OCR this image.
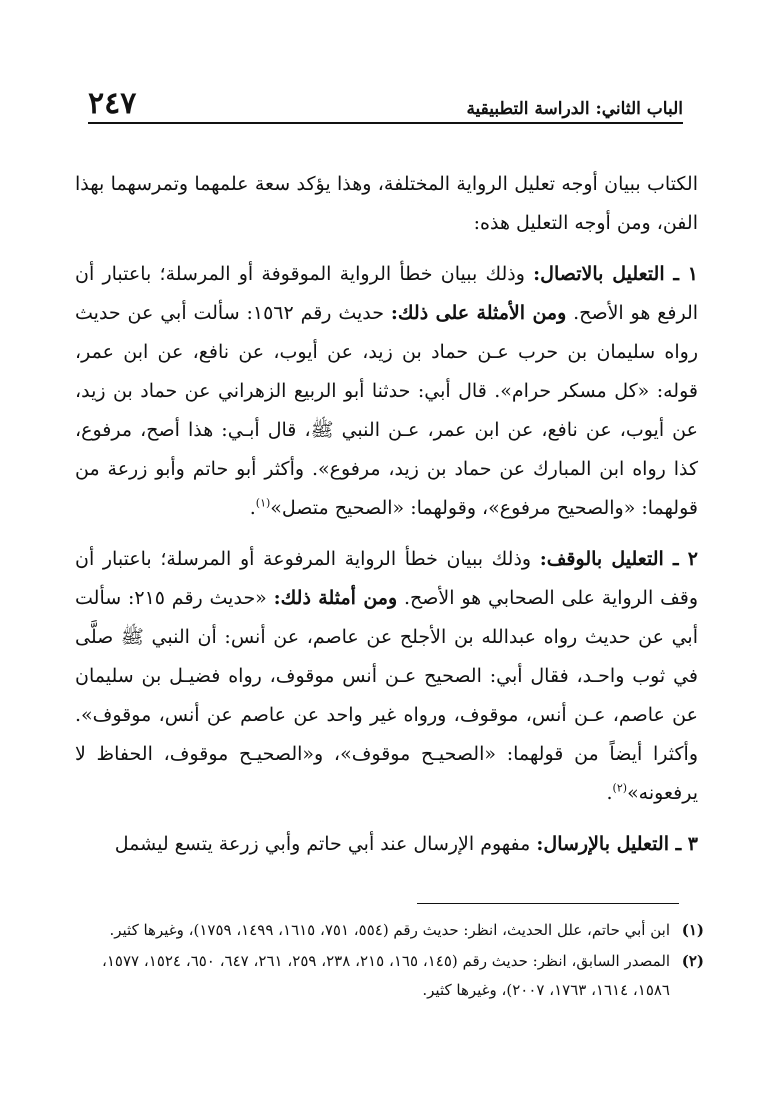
الباب الثاني: الدراسة التطبيقية
٢٤٧

الكتاب ببيان أوجه تعليل الرواية المختلفة، وهذا يؤكد سعة علمهما وتمرسهما بهذا الفن، ومن أوجه التعليل هذه:

١ ـ التعليل بالاتصال: وذلك ببيان خطأ الرواية الموقوفة أو المرسلة؛ باعتبار أن الرفع هو الأصح. ومن الأمثلة على ذلك: حديث رقم ١٥٦٢: سألت أبي عن حديث رواه سليمان بن حرب عـن حماد بن زيد، عن أيوب، عن نافع، عن ابن عمر، قوله: «كل مسكر حرام». قال أبي: حدثنا أبو الربيع الزهراني عن حماد بن زيد، عن أيوب، عن نافع، عن ابن عمر، عـن النبي ﷺ، قال أبـي: هذا أصح، مرفوع، كذا رواه ابن المبارك عن حماد بن زيد، مرفوع». وأكثر أبو حاتم وأبو زرعة من قولهما: «والصحيح مرفوع»، وقولهما: «الصحيح متصل»$^{(١)}$.

٢ ـ التعليل بالوقف: وذلك ببيان خطأ الرواية المرفوعة أو المرسلة؛ باعتبار أن وقف الرواية على الصحابي هو الأصح. ومن أمثلة ذلك: «حديث رقم ٢١٥: سألت أبي عن حديث رواه عبدالله بن الأجلح عن عاصم، عن أنس: أن النبي ﷺ صلَّى في ثوب واحـد، فقال أبي: الصحيح عـن أنس موقوف، رواه فضيـل بن سليمان عن عاصم، عـن أنس، موقوف، ورواه غير واحد عن عاصم عن أنس، موقوف». وأكثرا أيضاً من قولهما: «الصحيـح موقوف»، و«الصحيـح موقوف، الحفاظ لا يرفعونه»$^{(٢)}$.

٣ ـ التعليل بالإرسال: مفهوم الإرسال عند أبي حاتم وأبي زرعة يتسع ليشمل

(١)
ابن أبي حاتم، علل الحديث، انظر: حديث رقم (٥٥٤، ٧٥١، ١٦١٥، ١٤٩٩، ١٧٥٩)، وغيرها كثير.
(٢)
المصدر السابق، انظر: حديث رقم (١٤٥، ١٦٥، ٢١٥، ٢٣٨، ٢٥٩، ٢٦١، ٦٤٧، ٦٥٠، ١٥٢٤، ١٥٧٧، ١٥٨٦، ١٦١٤، ١٧٦٣، ٢٠٠٧)، وغيرها كثير.
